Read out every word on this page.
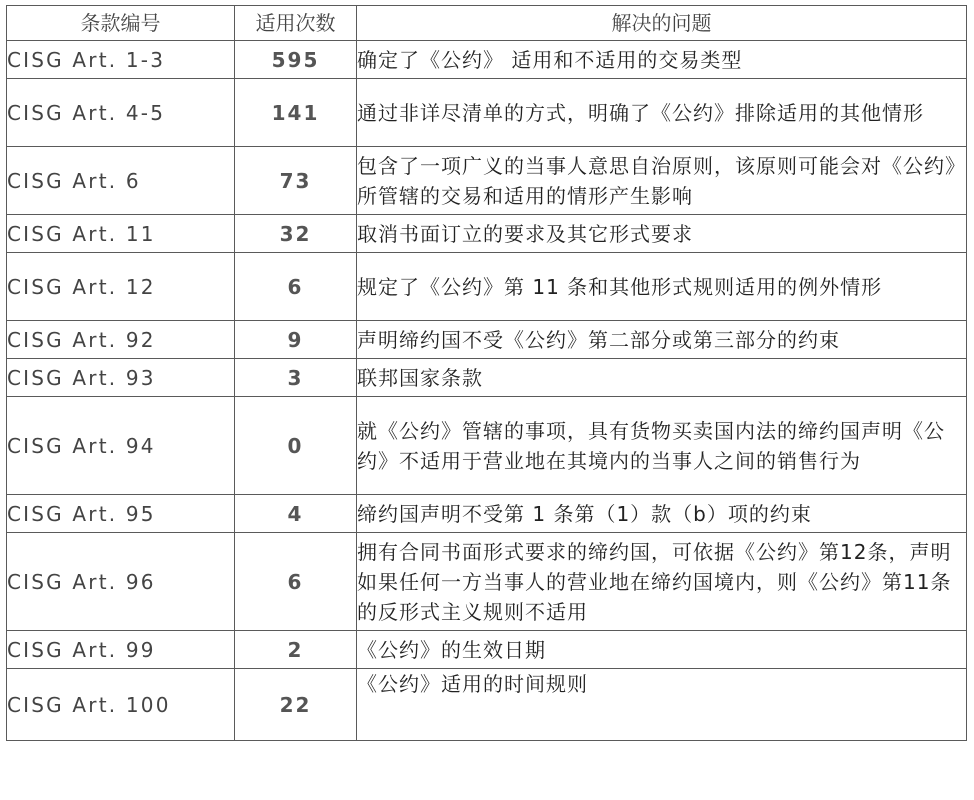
条款编号	适用次数	解决的问题
CISG Art. 1-3	595	确定了《公约》 适用和不适用的交易类型
CISG Art. 4-5	141	通过非详尽清单的方式，明确了《公约》排除适用的其他情形
CISG Art. 6	73	包含了一项广义的当事人意思自治原则，该原则可能会对《公约》所管辖的交易和适用的情形产生影响
CISG Art. 11	32	取消书面订立的要求及其它形式要求
CISG Art. 12	6	规定了《公约》第 11 条和其他形式规则适用的例外情形
CISG Art. 92	9	声明缔约国不受《公约》第二部分或第三部分的约束
CISG Art. 93	3	联邦国家条款
CISG Art. 94	0	就《公约》管辖的事项，具有货物买卖国内法的缔约国声明《公约》不适用于营业地在其境内的当事人之间的销售行为
CISG Art. 95	4	缔约国声明不受第 1 条第（1）款（b）项的约束
CISG Art. 96	6	拥有合同书面形式要求的缔约国，可依据《公约》第12条，声明如果任何一方当事人的营业地在缔约国境内，则《公约》第11条的反形式主义规则不适用
CISG Art. 99	2	《公约》的生效日期
CISG Art. 100	22	《公约》适用的时间规则
